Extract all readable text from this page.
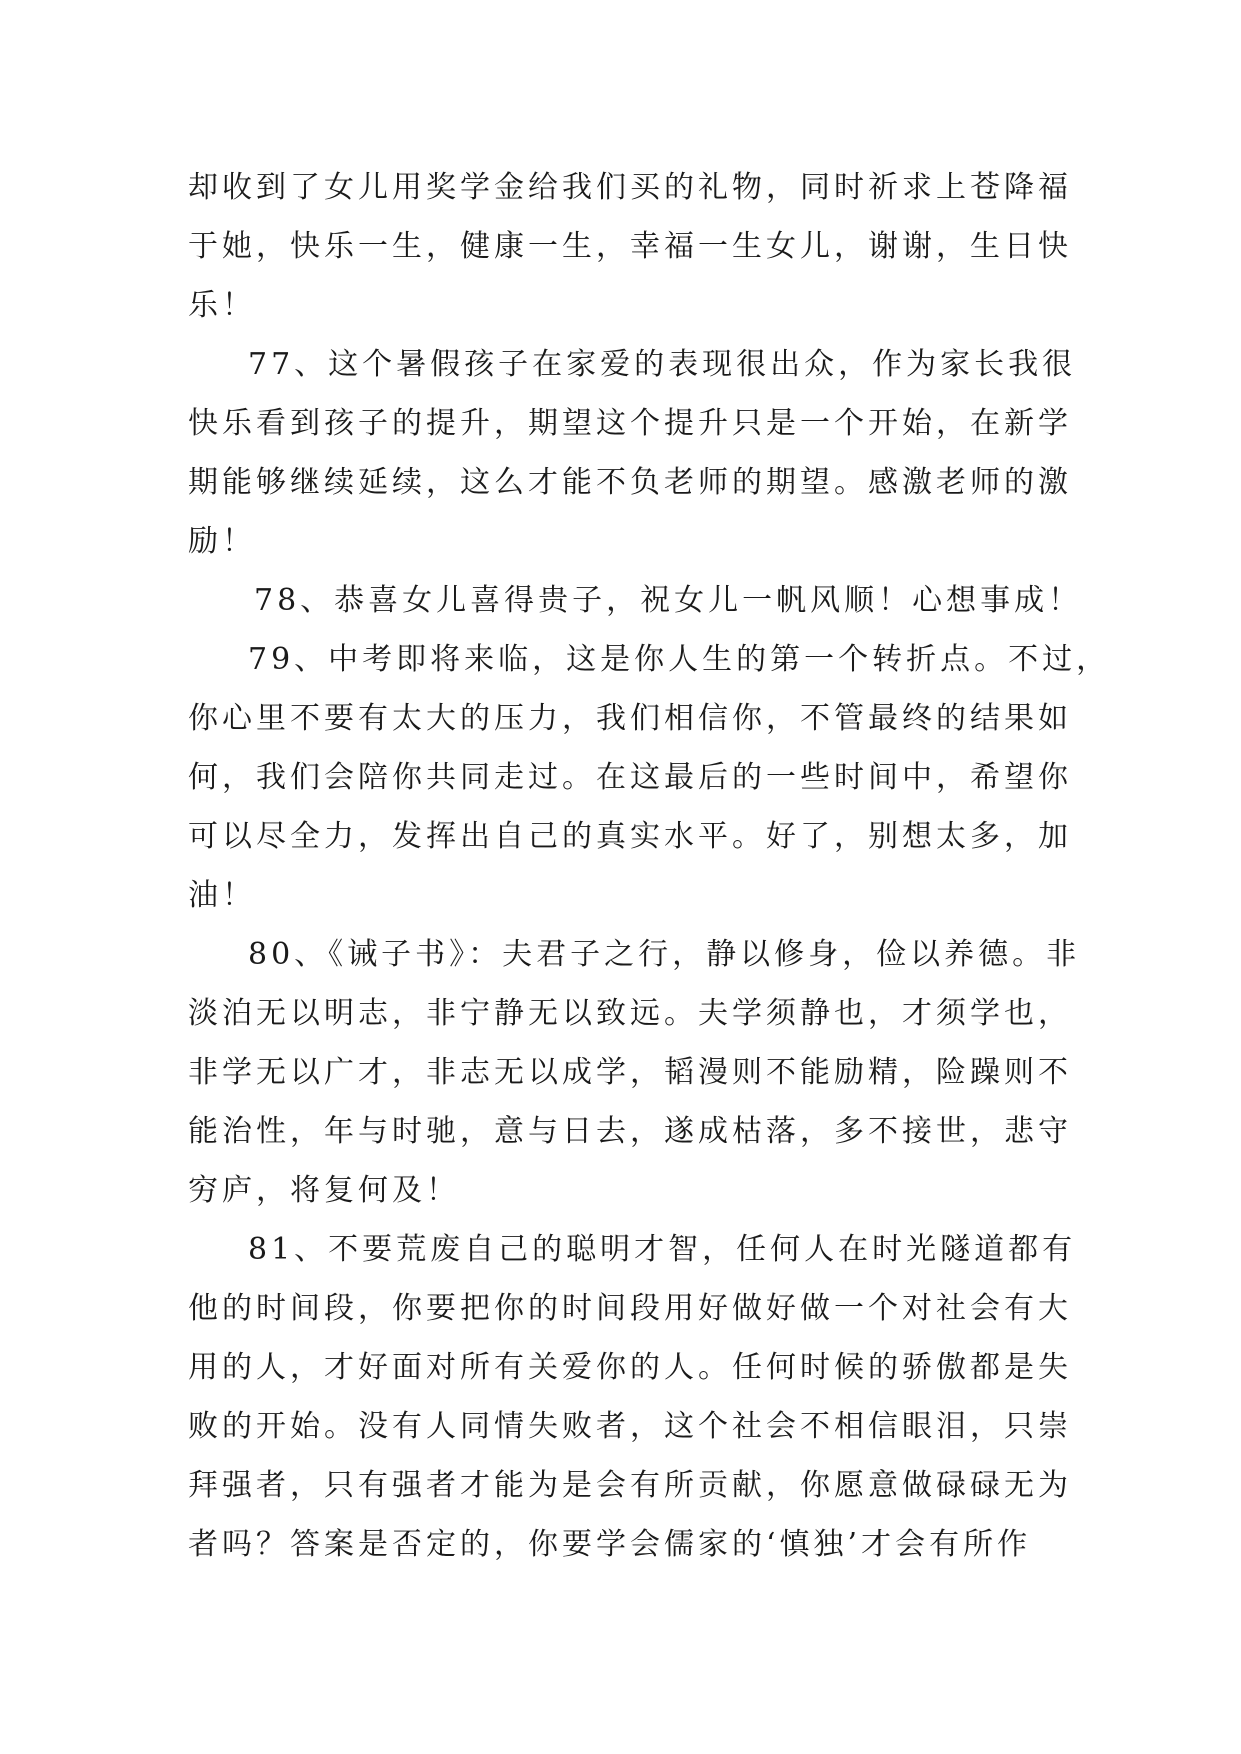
却收到了女儿用奖学金给我们买的礼物，同时祈求上苍降福
于她，快乐一生，健康一生，幸福一生女儿，谢谢，生日快
乐！
77、这个暑假孩子在家爱的表现很出众，作为家长我很
快乐看到孩子的提升，期望这个提升只是一个开始，在新学
期能够继续延续，这么才能不负老师的期望。感激老师的激
励！
78、恭喜女儿喜得贵子，祝女儿一帆风顺！心想事成！
79、中考即将来临，这是你人生的第一个转折点。不过，
你心里不要有太大的压力，我们相信你，不管最终的结果如
何，我们会陪你共同走过。在这最后的一些时间中，希望你
可以尽全力，发挥出自己的真实水平。好了，别想太多，加
油！
80、《诫子书》：夫君子之行，静以修身，俭以养德。非
淡泊无以明志，非宁静无以致远。夫学须静也，才须学也，
非学无以广才，非志无以成学，韬漫则不能励精，险躁则不
能治性，年与时驰，意与日去，遂成枯落，多不接世，悲守
穷庐，将复何及！
81、不要荒废自己的聪明才智，任何人在时光隧道都有
他的时间段，你要把你的时间段用好做好做一个对社会有大
用的人，才好面对所有关爱你的人。任何时候的骄傲都是失
败的开始。没有人同情失败者，这个社会不相信眼泪，只崇
拜强者，只有强者才能为是会有所贡献，你愿意做碌碌无为
者吗？答案是否定的，你要学会儒家的‘慎独’才会有所作
